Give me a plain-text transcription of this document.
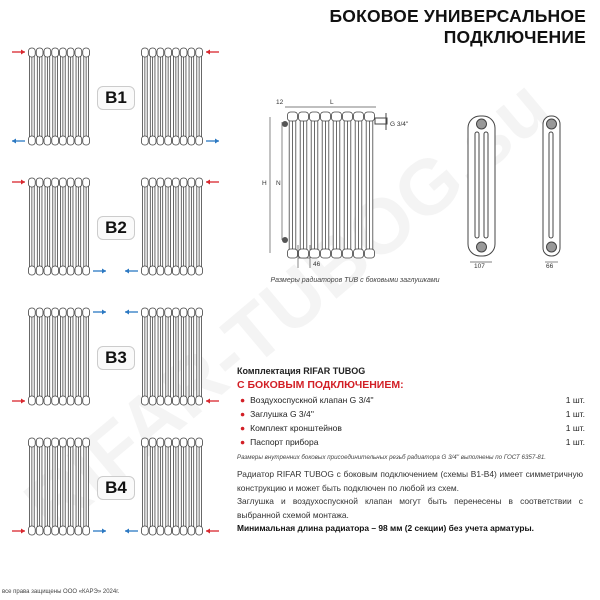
БОКОВОЕ УНИВЕРСАЛЬНОЕ
ПОДКЛЮЧЕНИЕ
B1
B2
B3
B4
12	L
H N
46
G 3/4''
107	66
Размеры радиаторов TUB с боковыми заглушками
Комплектация RIFAR TUBOG
С БОКОВЫМ ПОДКЛЮЧЕНИЕМ:
● Воздухоспускной клапан G 3/4''	1 шт.
● Заглушка G 3/4''	1 шт.
● Комплект кронштейнов	1 шт.
● Паспорт прибора	1 шт.
Размеры внутренних боковых присоединительных резьб радиатора G 3/4'' выполнены по ГОСТ 6357-81.
Радиатор RIFAR TUBOG с боковым подключением (схемы В1-В4) имеет симметричную конструкцию и может быть подключен по любой из схем.
Заглушка и воздухоспускной клапан могут быть перенесены в соответствии с выбранной схемой монтажа.
Минимальная длина радиатора – 98 мм (2 секции) без учета арматуры.
все права защищены ООО «КАРЭ» 2024г.
